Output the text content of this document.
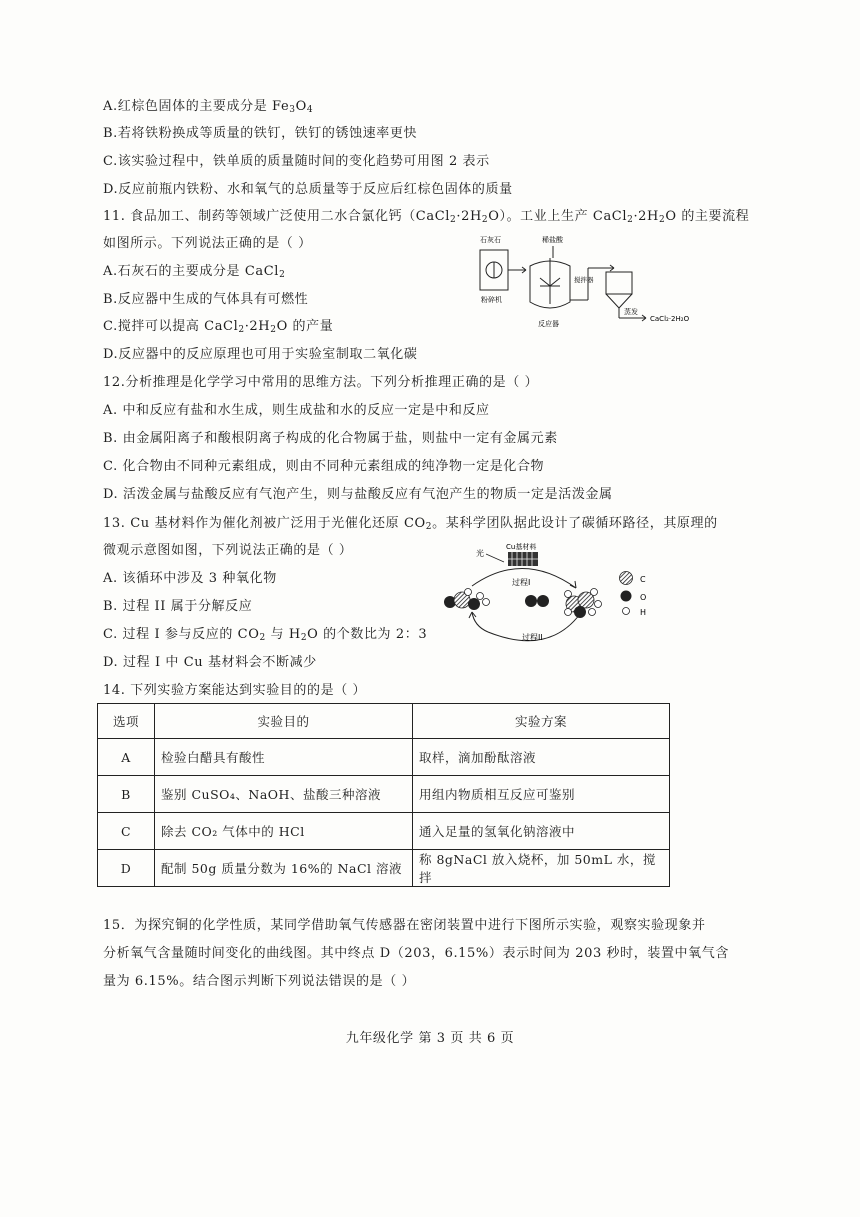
A.红棕色固体的主要成分是 $Fe_3O_4$
B.若将铁粉换成等质量的铁钉，铁钉的锈蚀速率更快
C.该实验过程中，铁单质的质量随时间的变化趋势可用图 2 表示
D.反应前瓶内铁粉、水和氧气的总质量等于反应后红棕色固体的质量
11. 食品加工、制药等领域广泛使用二水合氯化钙$(CaCl_2\cdot 2H_2O)$。工业上生产 $CaCl_2\cdot 2H_2O$ 的主要流程
如图所示。下列说法正确的是（ ）
A.石灰石的主要成分是 CaCl$_2$
B.反应器中生成的气体具有可燃性
C.搅拌可以提高 $CaCl_2\cdot 2H_2O$ 的产量
D.反应器中的反应原理也可用于实验室制取二氧化碳
石灰石	稀盐酸
粉碎机
搅拌器
反应器
蒸发
CaCl₂·2H₂O
12.分析推理是化学学习中常用的思维方法。下列分析推理正确的是（ ）
A. 中和反应有盐和水生成，则生成盐和水的反应一定是中和反应
B. 由金属阳离子和酸根阴离子构成的化合物属于盐，则盐中一定有金属元素
C. 化合物由不同种元素组成，则由不同种元素组成的纯净物一定是化合物
D. 活泼金属与盐酸反应有气泡产生，则与盐酸反应有气泡产生的物质一定是活泼金属
13. Cu 基材料作为催化剂被广泛用于光催化还原 $CO_2$。某科学团队据此设计了碳循环路径，其原理的
微观示意图如图，下列说法正确的是（ ）
A. 该循环中涉及 3 种氧化物
B. 过程 II 属于分解反应
C. 过程 I 参与反应的 $CO_2$ 与 $H_2O$ 的个数比为 2：3
D. 过程 I 中 Cu 基材料会不断减少
光
Cu基材料
过程I
过程II
C
O
H
14. 下列实验方案能达到实验目的的是（ ）
选项	实验目的	实验方案
A	检验白醋具有酸性	取样，滴加酚酞溶液
B	鉴别 CuSO₄、NaOH、盐酸三种溶液	用组内物质相互反应可鉴别
C	除去 CO₂ 气体中的 HCl	通入足量的氢氧化钠溶液中
D	配制 50g 质量分数为 16%的 NaCl 溶液	称 8gNaCl 放入烧杯，加 50mL 水，搅拌
15．为探究铜的化学性质，某同学借助氧气传感器在密闭装置中进行下图所示实验，观察实验现象并
分析氧气含量随时间变化的曲线图。其中终点 D（203，6.15%）表示时间为 203 秒时，装置中氧气含
量为 6.15%。结合图示判断下列说法错误的是（ ）
九年级化学 第 3 页 共 6 页
